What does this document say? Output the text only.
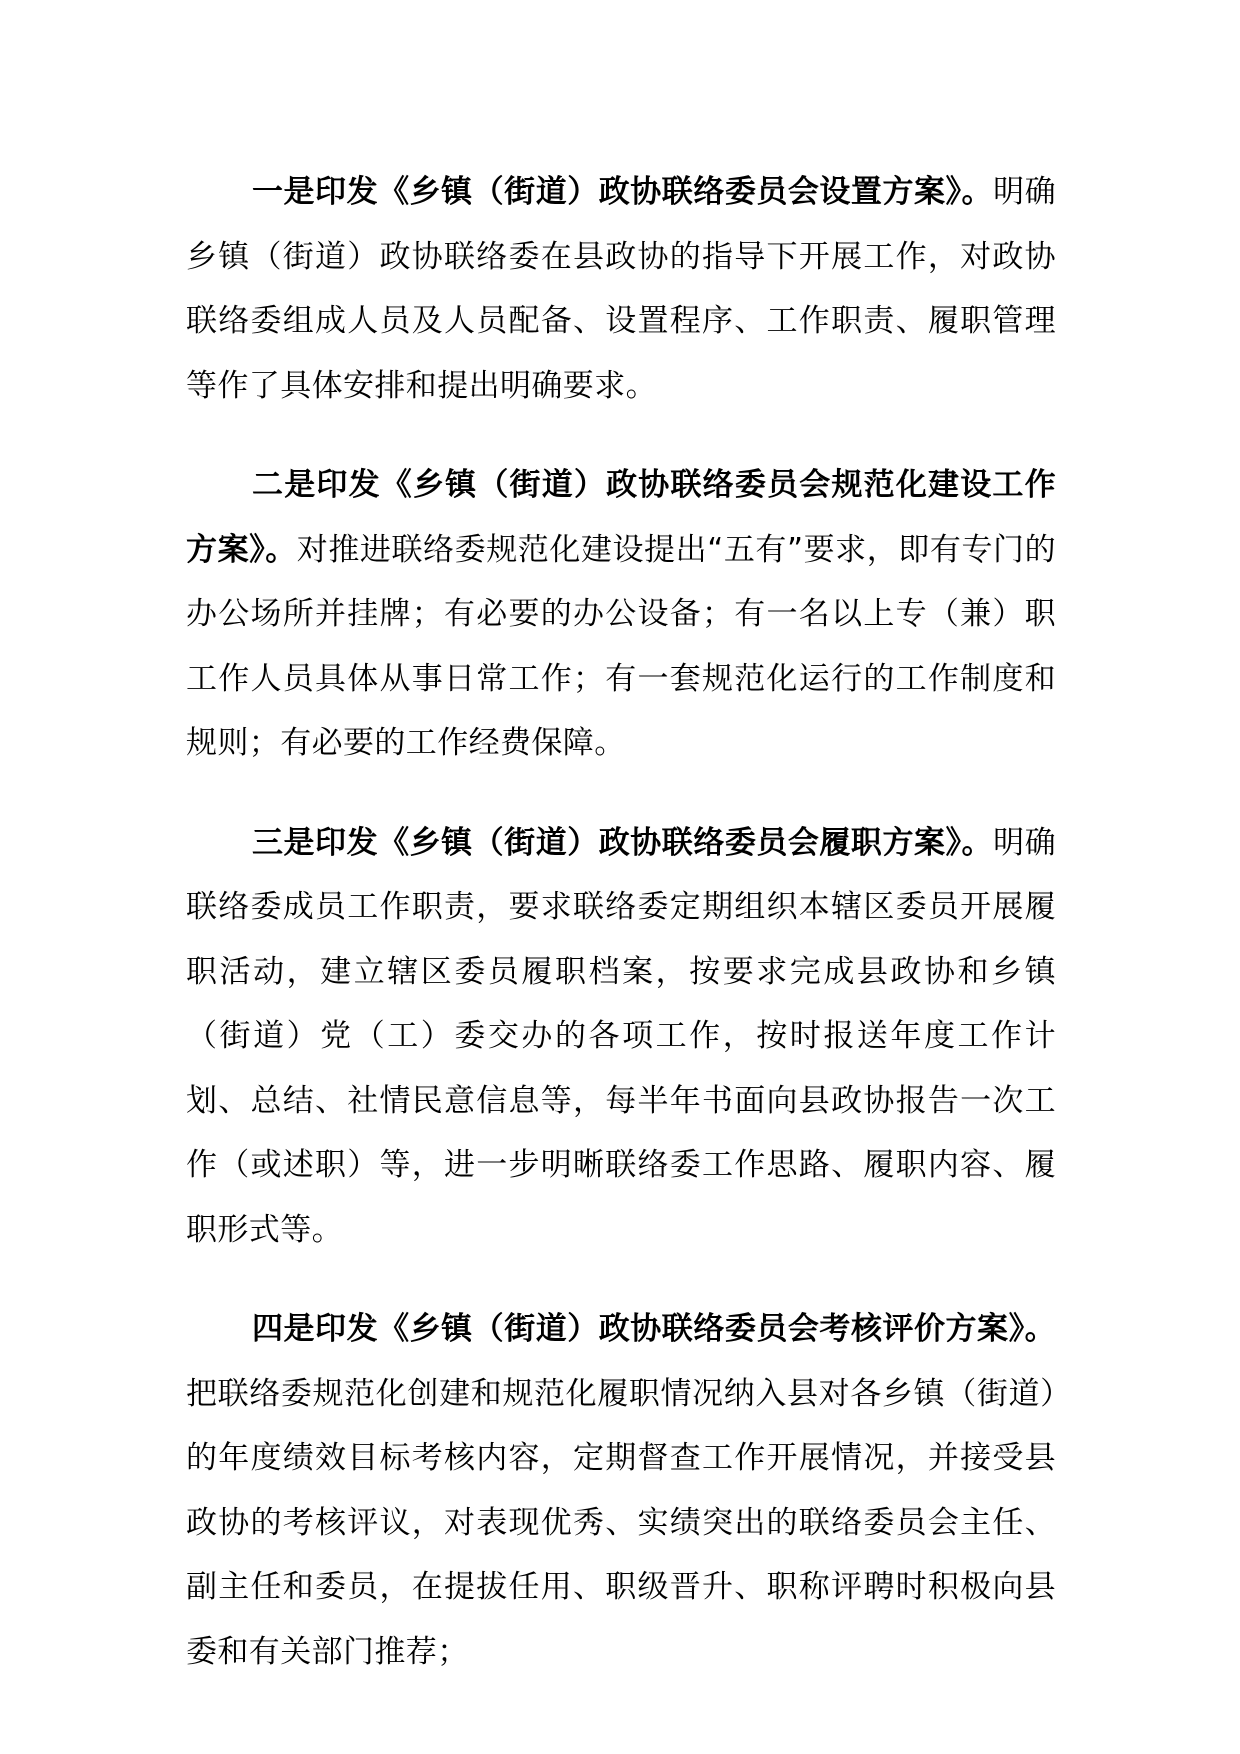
一是印发《乡镇（街道）政协联络委员会设置方案》。明确乡镇（街道）政协联络委在县政协的指导下开展工作，对政协联络委组成人员及人员配备、设置程序、工作职责、履职管理等作了具体安排和提出明确要求。

二是印发《乡镇（街道）政协联络委员会规范化建设工作方案》。对推进联络委规范化建设提出“五有”要求，即有专门的办公场所并挂牌；有必要的办公设备；有一名以上专（兼）职工作人员具体从事日常工作；有一套规范化运行的工作制度和规则；有必要的工作经费保障。

三是印发《乡镇（街道）政协联络委员会履职方案》。明确联络委成员工作职责，要求联络委定期组织本辖区委员开展履职活动，建立辖区委员履职档案，按要求完成县政协和乡镇（街道）党（工）委交办的各项工作，按时报送年度工作计划、总结、社情民意信息等，每半年书面向县政协报告一次工作（或述职）等，进一步明晰联络委工作思路、履职内容、履职形式等。

四是印发《乡镇（街道）政协联络委员会考核评价方案》。把联络委规范化创建和规范化履职情况纳入县对各乡镇（街道）的年度绩效目标考核内容，定期督查工作开展情况，并接受县政协的考核评议，对表现优秀、实绩突出的联络委员会主任、副主任和委员，在提拔任用、职级晋升、职称评聘时积极向县委和有关部门推荐；
